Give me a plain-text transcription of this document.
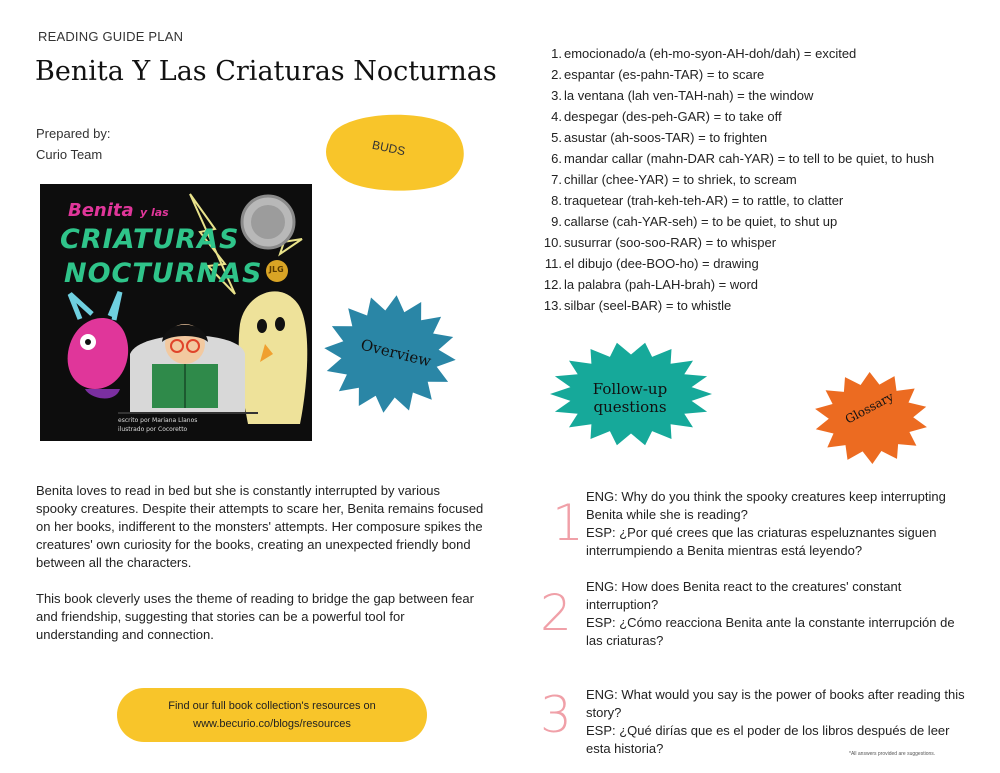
READING GUIDE PLAN
Benita Y Las Criaturas Nocturnas
Prepared by:
Curio Team	BUDS
Benita y las
CRIATURAS
NOCTURNAS JLG
escrito por Mariana Llanos
ilustrado por Cocoretto
Overview

Benita loves to read in bed but she is constantly interrupted by various spooky creatures. Despite their attempts to scare her, Benita remains focused on her books, indifferent to the monsters' attempts. Her composure spikes the creatures' own curiosity for the books, creating an unexpected friendly bond between all the characters.

This book cleverly uses the theme of reading to bridge the gap between fear and friendship, suggesting that stories can be a powerful tool for understanding and connection.

Find our full book collection's resources on
www.becurio.co/blogs/resources
1. emocionado/a (eh-mo-syon-AH-doh/dah) = excited
2. espantar (es-pahn-TAR) = to scare
3. la ventana (lah ven-TAH-nah) = the window
4. despegar (des-peh-GAR) = to take off
5. asustar (ah-soos-TAR) = to frighten
6. mandar callar (mahn-DAR cah-YAR) = to tell to be quiet, to hush
7. chillar (chee-YAR) = to shriek, to scream
8. traquetear (trah-keh-teh-AR) = to rattle, to clatter
9. callarse (cah-YAR-seh) = to be quiet, to shut up
10. susurrar (soo-soo-RAR) = to whisper
11. el dibujo (dee-BOO-ho) = drawing
12. la palabra (pah-LAH-brah) = word
13. silbar (seel-BAR) = to whistle
Follow-up
questions	Glossary
1 ENG: Why do you think the spooky creatures keep interrupting Benita while she is reading?
ESP: ¿Por qué crees que las criaturas espeluznantes siguen interrumpiendo a Benita mientras está leyendo?
2 ENG: How does Benita react to the creatures' constant interruption?
ESP: ¿Cómo reacciona Benita ante la constante interrupción de las criaturas?
3 ENG: What would you say is the power of books after reading this story?
ESP: ¿Qué dirías que es el poder de los libros después de leer esta historia?	*All answers provided are suggestions.
